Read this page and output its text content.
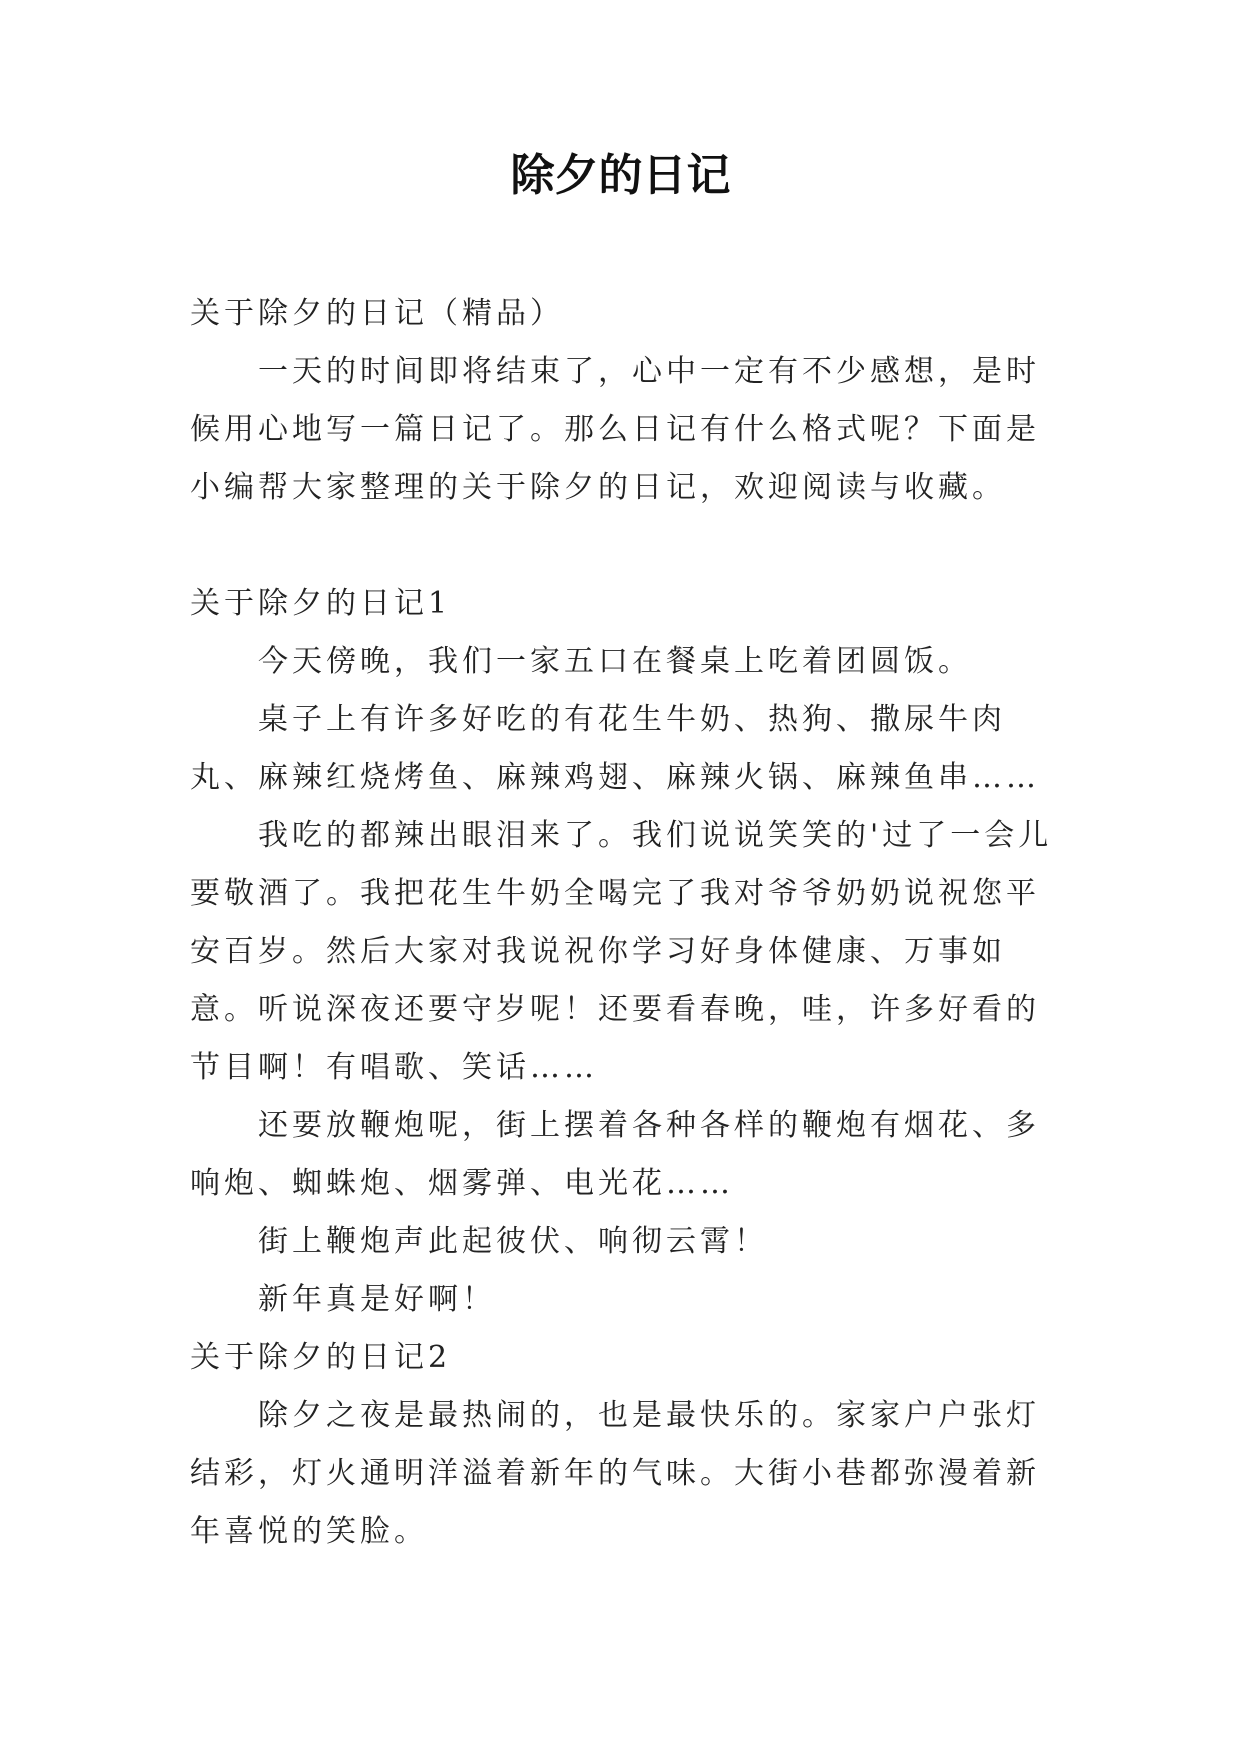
除夕的日记

关于除夕的日记（精品）

一天的时间即将结束了，心中一定有不少感想，是时候用心地写一篇日记了。那么日记有什么格式呢？下面是小编帮大家整理的关于除夕的日记，欢迎阅读与收藏。

关于除夕的日记1

今天傍晚，我们一家五口在餐桌上吃着团圆饭。

桌子上有许多好吃的有花生牛奶、热狗、撒尿牛肉丸、麻辣红烧烤鱼、麻辣鸡翅、麻辣火锅、麻辣鱼串……

我吃的都辣出眼泪来了。我们说说笑笑的'过了一会儿要敬酒了。我把花生牛奶全喝完了我对爷爷奶奶说祝您平安百岁。然后大家对我说祝你学习好身体健康、万事如意。听说深夜还要守岁呢！还要看春晚，哇，许多好看的节目啊！有唱歌、笑话……

还要放鞭炮呢，街上摆着各种各样的鞭炮有烟花、多响炮、蜘蛛炮、烟雾弹、电光花……

街上鞭炮声此起彼伏、响彻云霄！

新年真是好啊！

关于除夕的日记2

除夕之夜是最热闹的，也是最快乐的。家家户户张灯结彩，灯火通明洋溢着新年的气味。大街小巷都弥漫着新年喜悦的笑脸。
